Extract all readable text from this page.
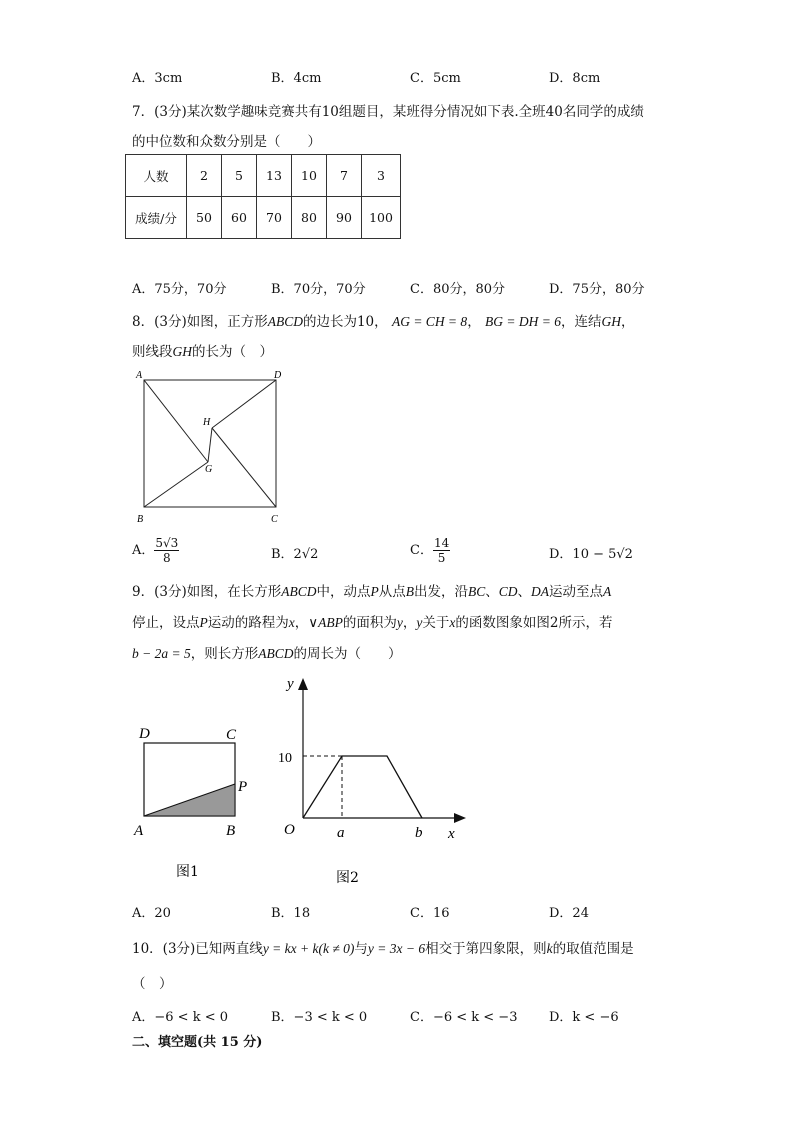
A．3cm	B．4cm	C．5cm	D．8cm
7．(3分)某次数学趣味竞赛共有10组题目，某班得分情况如下表.全班40名同学的成绩
的中位数和众数分别是（　　）
人数	2	5	13	10	7	3
成绩/分	50	60	70	80	90	100
A．75分，70分	B．70分，70分	C．80分，80分	D．75分，80分
8．(3分)如图，正方形ABCD的边长为10， AG = CH = 8， BG = DH = 6，连结GH，
则线段GH的长为（　）
A	D
B	C
H
G
A． $\frac{5√3}{8}$	B．2√2	C． $\frac{14}{5}$	D．10 − 5√2
9．(3分)如图，在长方形ABCD中，动点P从点B出发，沿BC、CD、DA运动至点A
停止，设点P运动的路程为x，∨ABP的面积为y，y关于x的函数图象如图2所示，若
b − 2a = 5，则长方形ABCD的周长为（　　）
D	C
P
A	B
图1
y
10
O	a	b x
图2
A．20	B．18	C．16	D．24
10．(3分)已知两直线y = kx + k(k ≠ 0)与y = 3x − 6相交于第四象限，则k的取值范围是
（　）
A．−6 < k < 0	B．−3 < k < 0	C．−6 < k < −3 D．k < −6
二、填空题(共 15 分)
